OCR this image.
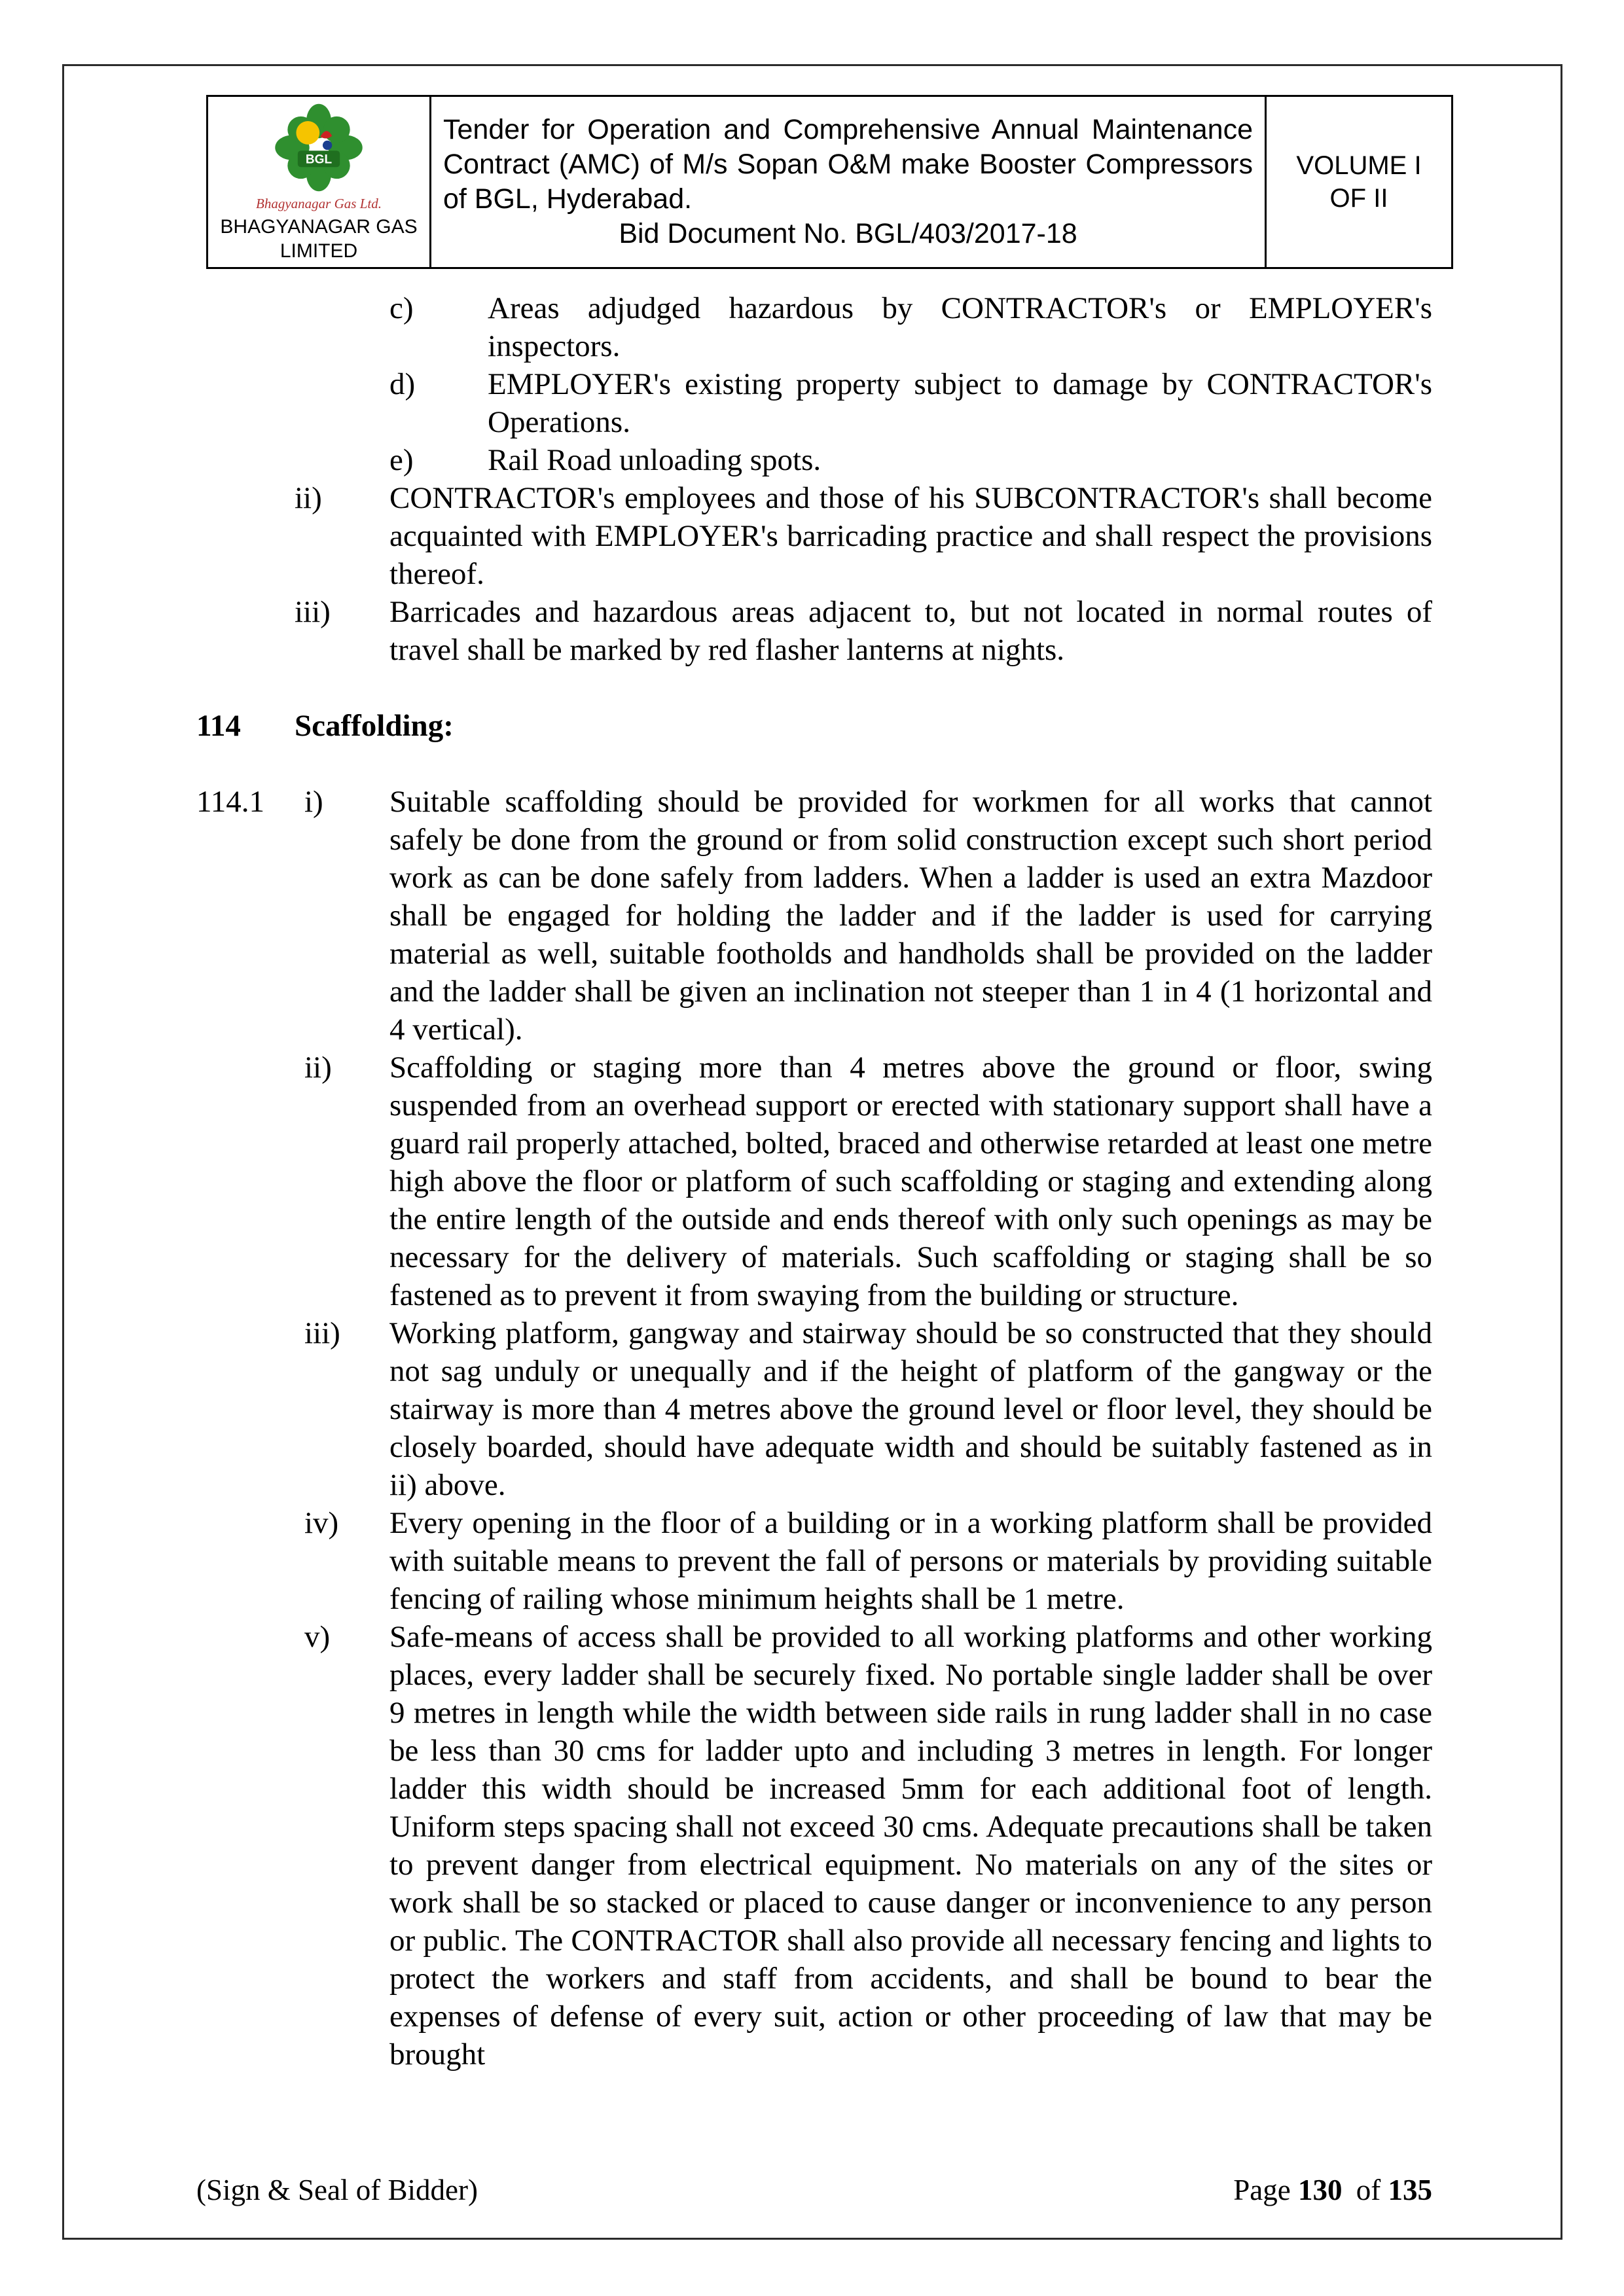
BGL
Bhagyanagar Gas Ltd.
BHAGYANAGAR GAS
LIMITED
Tender for Operation and Comprehensive Annual Maintenance Contract (AMC) of M/s Sopan O&M make Booster Compressors of BGL, Hyderabad.
Bid Document No. BGL/403/2017-18
VOLUME I
OF II
c)	Areas adjudged hazardous by CONTRACTOR's or EMPLOYER's inspectors.
d)	EMPLOYER's existing property subject to damage by CONTRACTOR's Operations.
e)	Rail Road unloading spots.
ii)	CONTRACTOR's employees and those of his SUBCONTRACTOR's shall become acquainted with EMPLOYER's barricading practice and shall respect the provisions thereof.
iii)	Barricades and hazardous areas adjacent to, but not located in normal routes of travel shall be marked by red flasher lanterns at nights.
114	Scaffolding:
114.1	i)	Suitable scaffolding should be provided for workmen for all works that cannot safely be done from the ground or from solid construction except such short period work as can be done safely from ladders. When a ladder is used an extra Mazdoor shall be engaged for holding the ladder and if the ladder is used for carrying material as well, suitable footholds and handholds shall be provided on the ladder and the ladder shall be given an inclination not steeper than 1 in 4 (1 horizontal and 4 vertical).
ii)	Scaffolding or staging more than 4 metres above the ground or floor, swing suspended from an overhead support or erected with stationary support shall have a guard rail properly attached, bolted, braced and otherwise retarded at least one metre high above the floor or platform of such scaffolding or staging and extending along the entire length of the outside and ends thereof with only such openings as may be necessary for the delivery of materials. Such scaffolding or staging shall be so fastened as to prevent it from swaying from the building or structure.
iii)	Working platform, gangway and stairway should be so constructed that they should not sag unduly or unequally and if the height of platform of the gangway or the stairway is more than 4 metres above the ground level or floor level, they should be closely boarded, should have adequate width and should be suitably fastened as in ii) above.
iv)	Every opening in the floor of a building or in a working platform shall be provided with suitable means to prevent the fall of persons or materials by providing suitable fencing of railing whose minimum heights shall be 1 metre.
v)	Safe-means of access shall be provided to all working platforms and other working places, every ladder shall be securely fixed. No portable single ladder shall be over 9 metres in length while the width between side rails in rung ladder shall in no case be less than 30 cms for ladder upto and including 3 metres in length. For longer ladder this width should be increased 5mm for each additional foot of length. Uniform steps spacing shall not exceed 30 cms. Adequate precautions shall be taken to prevent danger from electrical equipment. No materials on any of the sites or work shall be so stacked or placed to cause danger or inconvenience to any person or public. The CONTRACTOR shall also provide all necessary fencing and lights to protect the workers and staff from accidents, and shall be bound to bear the expenses of defense of every suit, action or other proceeding of law that may be brought
(Sign & Seal of Bidder)	Page 130 of 135
